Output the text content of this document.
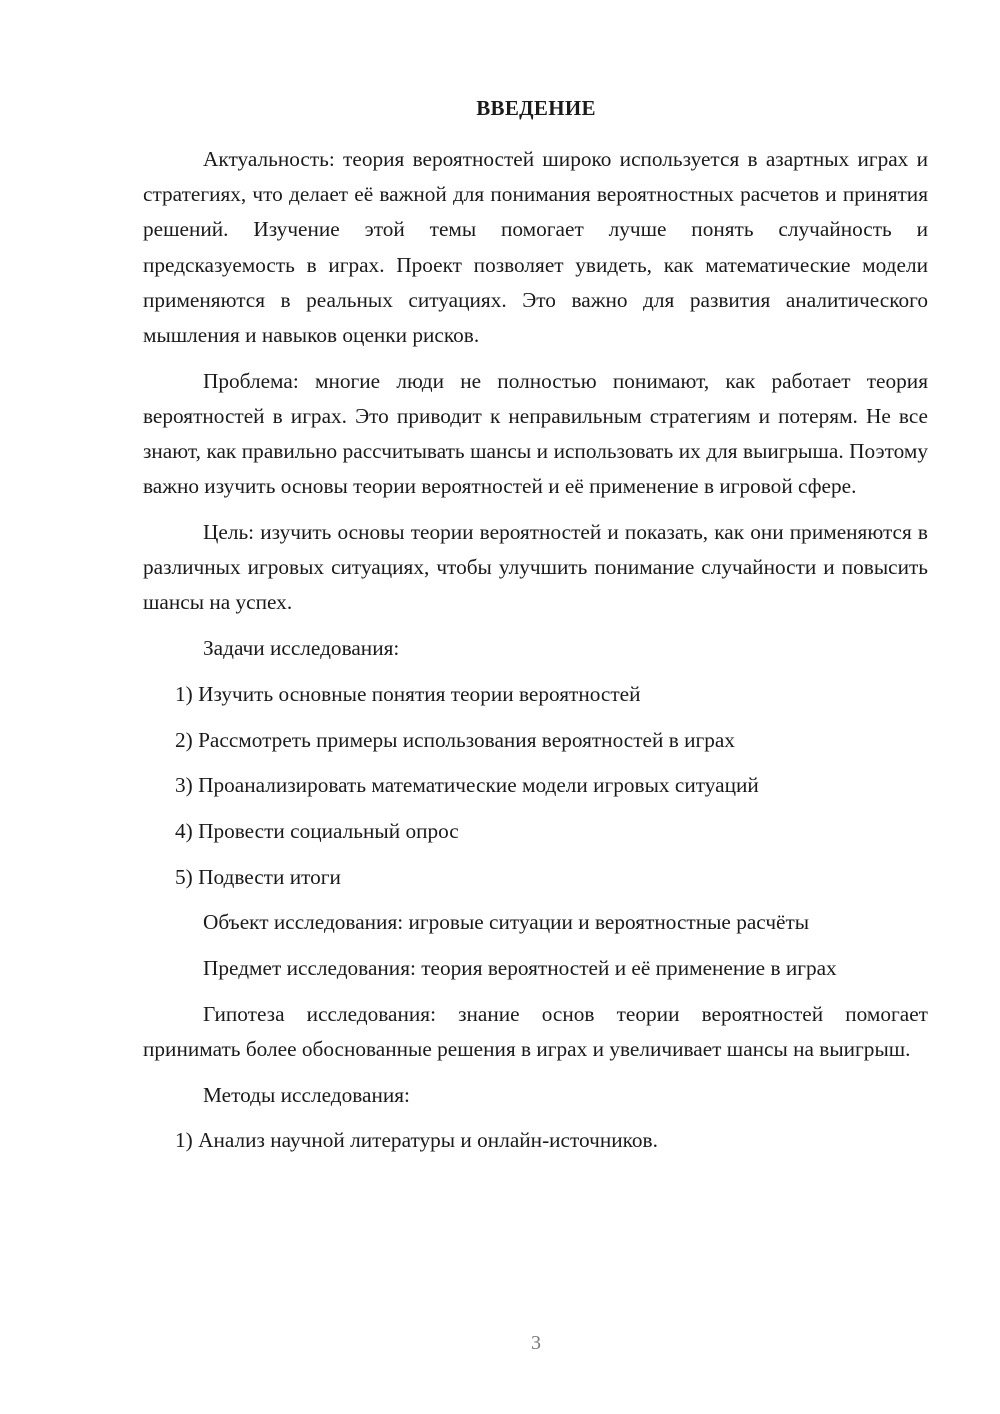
ВВЕДЕНИЕ

Актуальность: теория вероятностей широко используется в азартных играх и стратегиях, что делает её важной для понимания вероятностных расчетов и принятия решений. Изучение этой темы помогает лучше понять случайность и предсказуемость в играх. Проект позволяет увидеть, как математические модели применяются в реальных ситуациях. Это важно для развития аналитического мышления и навыков оценки рисков.

Проблема: многие люди не полностью понимают, как работает теория вероятностей в играх. Это приводит к неправильным стратегиям и потерям. Не все знают, как правильно рассчитывать шансы и использовать их для выигрыша. Поэтому важно изучить основы теории вероятностей и её применение в игровой сфере.

Цель: изучить основы теории вероятностей и показать, как они применяются в различных игровых ситуациях, чтобы улучшить понимание случайности и повысить шансы на успех.

Задачи исследования:

1) Изучить основные понятия теории вероятностей

2) Рассмотреть примеры использования вероятностей в играх

3) Проанализировать математические модели игровых ситуаций

4) Провести социальный опрос

5) Подвести итоги

Объект исследования: игровые ситуации и вероятностные расчёты

Предмет исследования: теория вероятностей и её применение в играх

Гипотеза исследования: знание основ теории вероятностей помогает принимать более обоснованные решения в играх и увеличивает шансы на выигрыш.

Методы исследования:

1) Анализ научной литературы и онлайн-источников.

3
